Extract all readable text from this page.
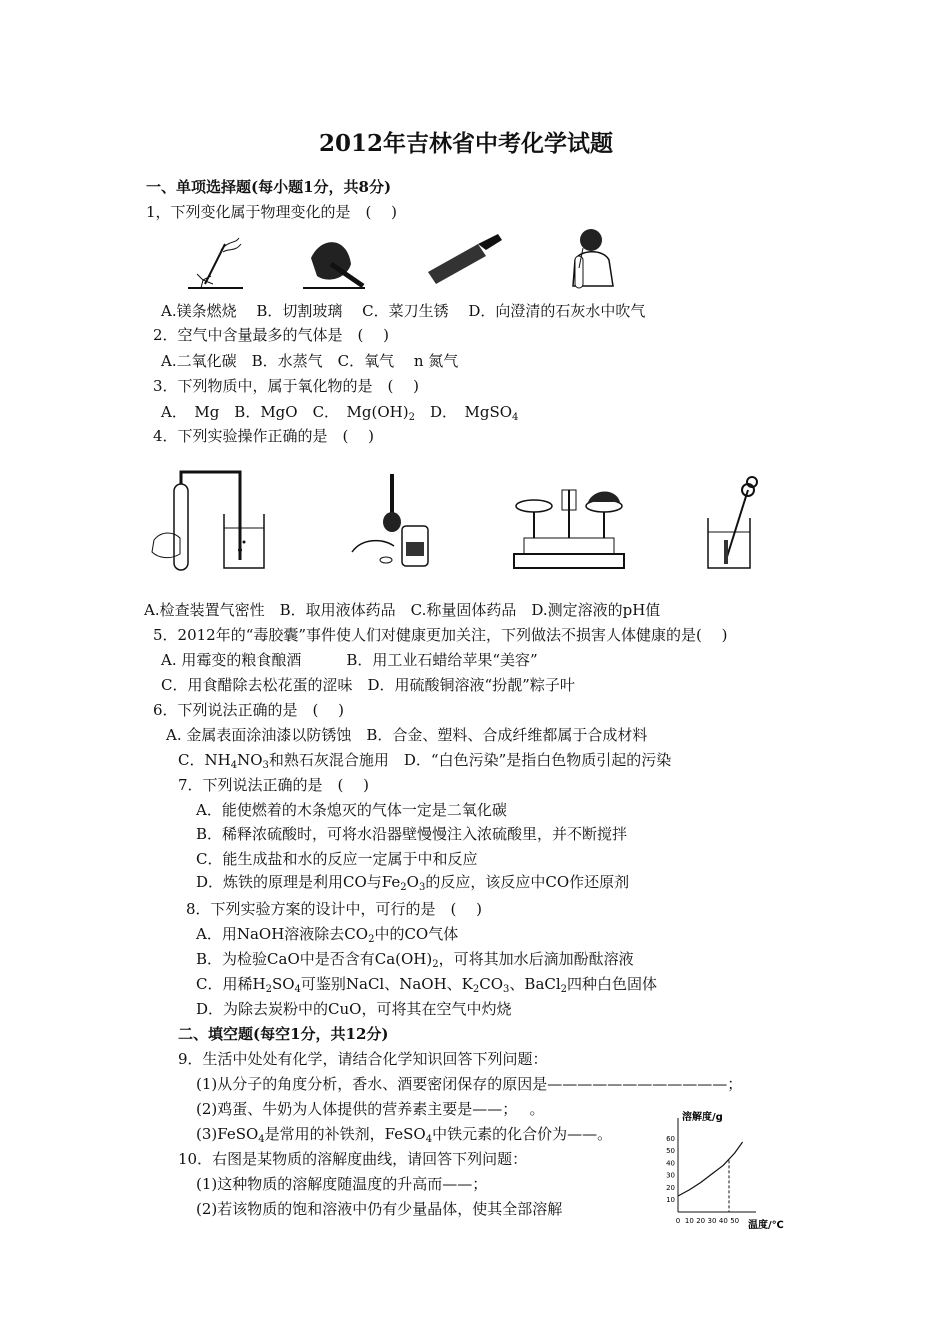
2012年吉林省中考化学试题
一、单项选择题(每小题1分，共8分)
1，下列变化属于物理变化的是　(　 )
A.镁条燃烧　 B．切割玻璃　 C．菜刀生锈　 D．向澄清的石灰水中吹气
2．空气中含量最多的气体是　(　 )
A.二氧化碳　B．水蒸气　C．氧气　 n 氮气
3．下列物质中，属于氧化物的是　(　 )
A．　Mg　B．MgO　C．　$Mg(OH)_2$　D．　MgSO$_4$
4．下列实验操作正确的是　(　 )
A.检查装置气密性　B．取用液体药品　C.称量固体药品　D.测定溶液的pH值
5．2012年的“毒胶囊”事件使人们对健康更加关注，下列做法不损害人体健康的是(　 )
A. 用霉变的粮食酿酒　　　B．用工业石蜡给苹果“美容”
C．用食醋除去松花蛋的涩味　D．用硫酸铜溶液“扮靓”粽子叶
6．下列说法正确的是　(　 )
A. 金属表面涂油漆以防锈蚀　B．合金、塑料、合成纤维都属于合成材料
C．$NH_4NO_3$和熟石灰混合施用　D．“白色污染”是指白色物质引起的污染
7．下列说法正确的是　(　 )
A．能使燃着的木条熄灭的气体一定是二氧化碳
B．稀释浓硫酸时，可将水沿器壁慢慢注入浓硫酸里，并不断搅拌
C．能生成盐和水的反应一定属于中和反应
D．炼铁的原理是利用CO与$Fe_2O_3$的反应，该反应中CO作还原剂
8．下列实验方案的设计中，可行的是　(　 )
A．用NaOH溶液除去$CO_2$中的CO气体
B．为检验CaO中是否含有$Ca(OH)_2$，可将其加水后滴加酚酞溶液
C．用稀$H_2SO_4$可鉴别NaCl、NaOH、$K_2CO_3$、BaCl$_2$四种白色固体
D．为除去炭粉中的CuO，可将其在空气中灼烧
二、填空题(每空1分，共12分)
9．生活中处处有化学，请结合化学知识回答下列问题：
(1)从分子的角度分析，香水、酒要密闭保存的原因是————————————；
(2)鸡蛋、牛奶为人体提供的营养素主要是——；　 。
(3)FeSO$_4$是常用的补铁剂，FeSO$_4$中铁元素的化合价为——。
10．右图是某物质的溶解度曲线，请回答下列问题：
(1)这种物质的溶解度随温度的升高而——；
(2)若该物质的饱和溶液中仍有少量晶体，使其全部溶解
溶解度/g
温度/℃
0 10 20 30 40 50
10
20
30
40
50
60
